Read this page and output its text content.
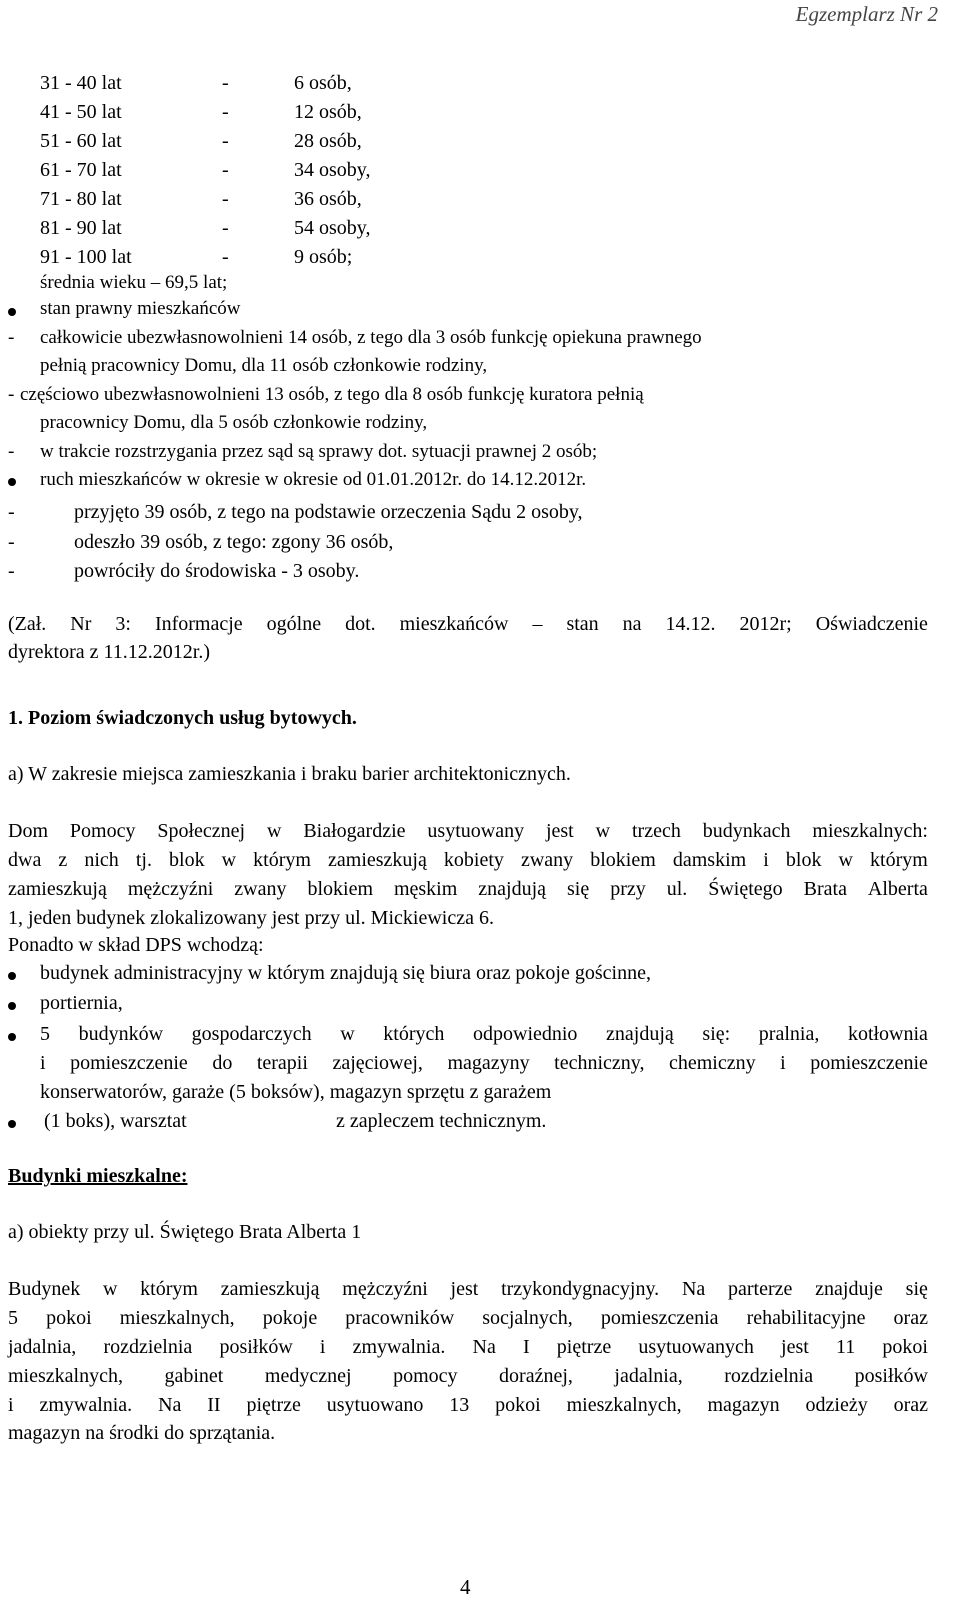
Egzemplarz Nr 2
31 - 40 lat	-	6 osób,
41 - 50 lat	-	12 osób,
51 - 60 lat	-	28 osób,
61 - 70 lat	-	34 osoby,
71 - 80 lat	-	36 osób,
81 - 90 lat	-	54 osoby,
91 - 100 lat	-	9 osób;
średnia wieku – 69,5 lat;
stan prawny mieszkańców
- całkowicie ubezwłasnowolnieni 14 osób, z tego dla 3 osób funkcję opiekuna prawnego
pełnią pracownicy Domu, dla 11 osób członkowie rodziny,
- częściowo ubezwłasnowolnieni 13 osób, z tego dla 8 osób funkcję kuratora pełnią
pracownicy Domu, dla 5 osób członkowie rodziny,
- w trakcie rozstrzygania przez sąd są sprawy dot. sytuacji prawnej 2 osób;
ruch mieszkańców w okresie w okresie od 01.01.2012r. do 14.12.2012r.
-	przyjęto 39 osób, z tego na podstawie orzeczenia Sądu 2 osoby,
-	odeszło 39 osób, z tego: zgony 36 osób,
-	powróciły do środowiska - 3 osoby.
(Zał. Nr 3: Informacje ogólne dot. mieszkańców – stan na 14.12. 2012r; Oświadczenie
dyrektora z 11.12.2012r.)
1. Poziom świadczonych usług bytowych.
a) W zakresie miejsca zamieszkania i braku barier architektonicznych.
Dom Pomocy Społecznej w Białogardzie usytuowany jest w trzech budynkach mieszkalnych:
dwa z nich tj. blok w którym zamieszkują kobiety zwany blokiem damskim i blok w którym
zamieszkują mężczyźni zwany blokiem męskim znajdują się przy ul. Świętego Brata Alberta
1, jeden budynek zlokalizowany jest przy ul. Mickiewicza 6.
Ponadto w skład DPS wchodzą:
budynek administracyjny w którym znajdują się biura oraz pokoje gościnne,
portiernia,
5 budynków gospodarczych w których odpowiednio znajdują się: pralnia, kotłownia
i pomieszczenie do terapii zajęciowej, magazyny techniczny, chemiczny i pomieszczenie
konserwatorów, garaże (5 boksów), magazyn sprzętu z garażem
(1 boks), warsztat	z zapleczem technicznym.
Budynki mieszkalne:
a) obiekty przy ul. Świętego Brata Alberta 1
Budynek w którym zamieszkują mężczyźni jest trzykondygnacyjny. Na parterze znajduje się
5 pokoi mieszkalnych, pokoje pracowników socjalnych, pomieszczenia rehabilitacyjne oraz
jadalnia, rozdzielnia posiłków i zmywalnia. Na I piętrze usytuowanych jest 11 pokoi
mieszkalnych, gabinet medycznej pomocy doraźnej, jadalnia, rozdzielnia posiłków
i zmywalnia. Na II piętrze usytuowano 13 pokoi mieszkalnych, magazyn odzieży oraz
magazyn na środki do sprzątania.
4
